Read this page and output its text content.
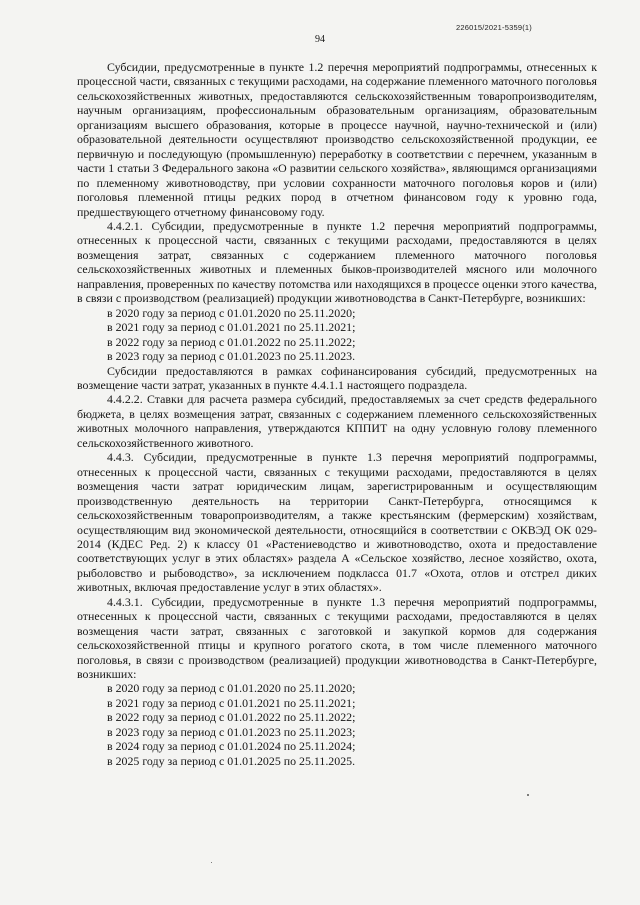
226015/2021-5359(1)
94

Субсидии, предусмотренные в пункте 1.2 перечня мероприятий подпрограммы, отнесенных к процессной части, связанных с текущими расходами, на содержание племенного маточного поголовья сельскохозяйственных животных, предоставляются сельскохозяйственным товаропроизводителям, научным организациям, профессиональным образовательным организациям, образовательным организациям высшего образования, которые в процессе научной, научно-технической и (или) образовательной деятельности осуществляют производство сельскохозяйственной продукции, ее первичную и последующую (промышленную) переработку в соответствии с перечнем, указанным в части 1 статьи 3 Федерального закона «О развитии сельского хозяйства», являющимся организациями по племенному животноводству, при условии сохранности маточного поголовья коров и (или) поголовья племенной птицы редких пород в отчетном финансовом году к уровню года, предшествующего отчетному финансовому году.

4.4.2.1. Субсидии, предусмотренные в пункте 1.2 перечня мероприятий подпрограммы, отнесенных к процессной части, связанных с текущими расходами, предоставляются в целях возмещения затрат, связанных с содержанием племенного маточного поголовья сельскохозяйственных животных и племенных быков-производителей мясного или молочного направления, проверенных по качеству потомства или находящихся в процессе оценки этого качества, в связи с производством (реализацией) продукции животноводства в Санкт-Петербурге, возникших:

в 2020 году за период с 01.01.2020 по 25.11.2020;

в 2021 году за период с 01.01.2021 по 25.11.2021;

в 2022 году за период с 01.01.2022 по 25.11.2022;

в 2023 году за период с 01.01.2023 по 25.11.2023.

Субсидии предоставляются в рамках софинансирования субсидий, предусмотренных на возмещение части затрат, указанных в пункте 4.4.1.1 настоящего подраздела.

4.4.2.2. Ставки для расчета размера субсидий, предоставляемых за счет средств федерального бюджета, в целях возмещения затрат, связанных с содержанием племенного сельскохозяйственных животных молочного направления, утверждаются КППИТ на одну условную голову племенного сельскохозяйственного животного.

4.4.3. Субсидии, предусмотренные в пункте 1.3 перечня мероприятий подпрограммы, отнесенных к процессной части, связанных с текущими расходами, предоставляются в целях возмещения части затрат юридическим лицам, зарегистрированным и осуществляющим производственную деятельность на территории Санкт-Петербурга, относящимся к сельскохозяйственным товаропроизводителям, а также крестьянским (фермерским) хозяйствам, осуществляющим вид экономической деятельности, относящийся в соответствии с ОКВЭД ОК 029-2014 (КДЕС Ред. 2) к классу 01 «Растениеводство и животноводство, охота и предоставление соответствующих услуг в этих областях» раздела А «Сельское хозяйство, лесное хозяйство, охота, рыболовство и рыбоводство», за исключением подкласса 01.7 «Охота, отлов и отстрел диких животных, включая предоставление услуг в этих областях».

4.4.3.1. Субсидии, предусмотренные в пункте 1.3 перечня мероприятий подпрограммы, отнесенных к процессной части, связанных с текущими расходами, предоставляются в целях возмещения части затрат, связанных с заготовкой и закупкой кормов для содержания сельскохозяйственной птицы и крупного рогатого скота, в том числе племенного маточного поголовья, в связи с производством (реализацией) продукции животноводства в Санкт-Петербурге, возникших:

в 2020 году за период с 01.01.2020 по 25.11.2020;

в 2021 году за период с 01.01.2021 по 25.11.2021;

в 2022 году за период с 01.01.2022 по 25.11.2022;

в 2023 году за период с 01.01.2023 по 25.11.2023;

в 2024 году за период с 01.01.2024 по 25.11.2024;

в 2025 году за период с 01.01.2025 по 25.11.2025.
